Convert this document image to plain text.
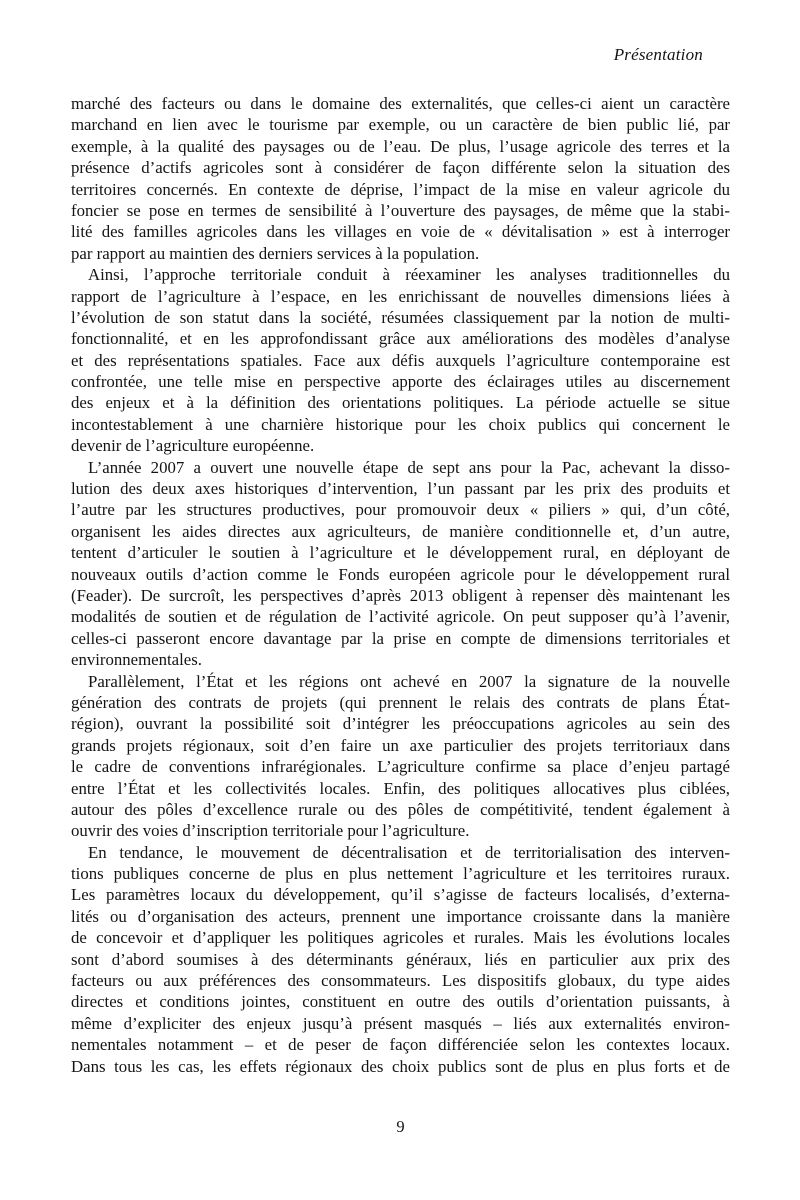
Présentation
marché des facteurs ou dans le domaine des externalités, que celles-ci aient un caractère
marchand en lien avec le tourisme par exemple, ou un caractère de bien public lié, par
exemple, à la qualité des paysages ou de l’eau. De plus, l’usage agricole des terres et la
présence d’actifs agricoles sont à considérer de façon différente selon la situation des
territoires concernés. En contexte de déprise, l’impact de la mise en valeur agricole du
foncier se pose en termes de sensibilité à l’ouverture des paysages, de même que la stabi-
lité des familles agricoles dans les villages en voie de « dévitalisation » est à interroger
par rapport au maintien des derniers services à la population.
Ainsi, l’approche territoriale conduit à réexaminer les analyses traditionnelles du
rapport de l’agriculture à l’espace, en les enrichissant de nouvelles dimensions liées à
l’évolution de son statut dans la société, résumées classiquement par la notion de multi-
fonctionnalité, et en les approfondissant grâce aux améliorations des modèles d’analyse
et des représentations spatiales. Face aux défis auxquels l’agriculture contemporaine est
confrontée, une telle mise en perspective apporte des éclairages utiles au discernement
des enjeux et à la définition des orientations politiques. La période actuelle se situe
incontestablement à une charnière historique pour les choix publics qui concernent le
devenir de l’agriculture européenne.
L’année 2007 a ouvert une nouvelle étape de sept ans pour la Pac, achevant la disso-
lution des deux axes historiques d’intervention, l’un passant par les prix des produits et
l’autre par les structures productives, pour promouvoir deux « piliers » qui, d’un côté,
organisent les aides directes aux agriculteurs, de manière conditionnelle et, d’un autre,
tentent d’articuler le soutien à l’agriculture et le développement rural, en déployant de
nouveaux outils d’action comme le Fonds européen agricole pour le développement rural
(Feader). De surcroît, les perspectives d’après 2013 obligent à repenser dès maintenant les
modalités de soutien et de régulation de l’activité agricole. On peut supposer qu’à l’avenir,
celles-ci passeront encore davantage par la prise en compte de dimensions territoriales et
environnementales.
Parallèlement, l’État et les régions ont achevé en 2007 la signature de la nouvelle
génération des contrats de projets (qui prennent le relais des contrats de plans État-
région), ouvrant la possibilité soit d’intégrer les préoccupations agricoles au sein des
grands projets régionaux, soit d’en faire un axe particulier des projets territoriaux dans
le cadre de conventions infrarégionales. L’agriculture confirme sa place d’enjeu partagé
entre l’État et les collectivités locales. Enfin, des politiques allocatives plus ciblées,
autour des pôles d’excellence rurale ou des pôles de compétitivité, tendent également à
ouvrir des voies d’inscription territoriale pour l’agriculture.
En tendance, le mouvement de décentralisation et de territorialisation des interven-
tions publiques concerne de plus en plus nettement l’agriculture et les territoires ruraux.
Les paramètres locaux du développement, qu’il s’agisse de facteurs localisés, d’externa-
lités ou d’organisation des acteurs, prennent une importance croissante dans la manière
de concevoir et d’appliquer les politiques agricoles et rurales. Mais les évolutions locales
sont d’abord soumises à des déterminants généraux, liés en particulier aux prix des
facteurs ou aux préférences des consommateurs. Les dispositifs globaux, du type aides
directes et conditions jointes, constituent en outre des outils d’orientation puissants, à
même d’expliciter des enjeux jusqu’à présent masqués – liés aux externalités environ-
nementales notamment – et de peser de façon différenciée selon les contextes locaux.
Dans tous les cas, les effets régionaux des choix publics sont de plus en plus forts et de
9
